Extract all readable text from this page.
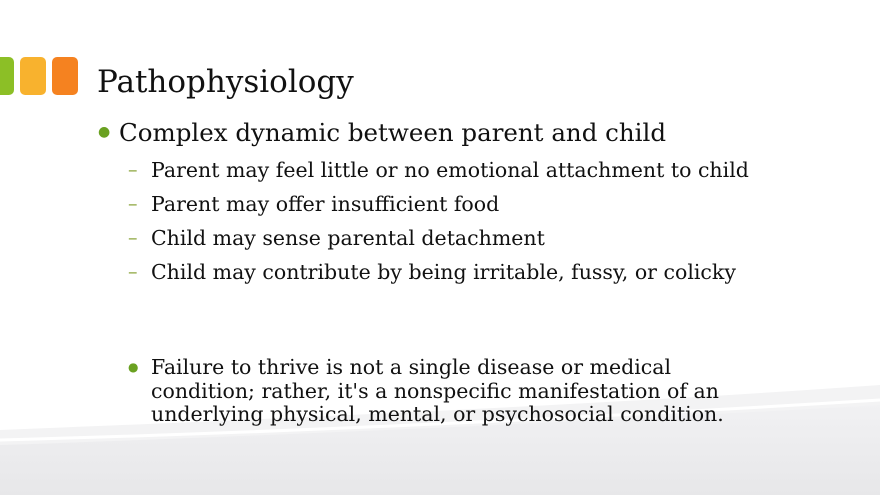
Pathophysiology
● Complex dynamic between parent and child
– Parent may feel little or no emotional attachment to child
– Parent may offer insufficient food
– Child may sense parental detachment
– Child may contribute by being irritable, fussy, or colicky
● Failure to thrive is not a single disease or medical condition; rather, it's a nonspecific manifestation of an underlying physical, mental, or psychosocial condition.
